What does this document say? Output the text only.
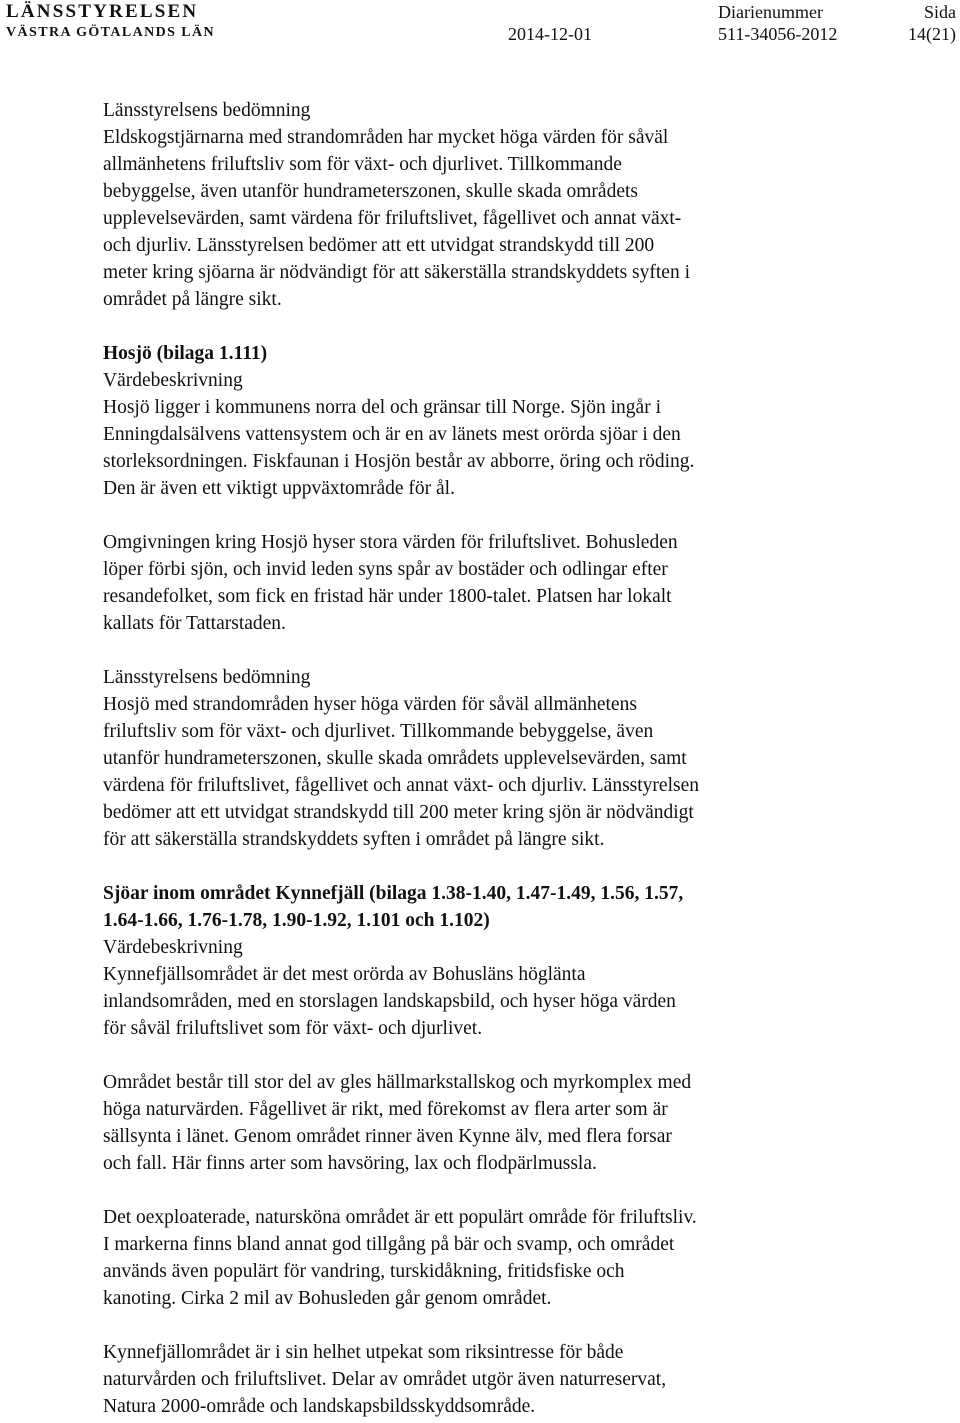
LÄNSSTYRELSEN
VÄSTRA GÖTALANDS LÄN	2014-12-01
Diarienummer
511-34056-2012
Sida
14(21)

Länsstyrelsens bedömning

Eldskogstjärnarna med strandområden har mycket höga värden för såväl
allmänhetens friluftsliv som för växt- och djurlivet. Tillkommande
bebyggelse, även utanför hundrameterszonen, skulle skada områdets
upplevelsevärden, samt värdena för friluftslivet, fågellivet och annat växt-
och djurliv. Länsstyrelsen bedömer att ett utvidgat strandskydd till 200
meter kring sjöarna är nödvändigt för att säkerställa strandskyddets syften i
området på längre sikt.

Hosjö (bilaga 1.111)

Värdebeskrivning

Hosjö ligger i kommunens norra del och gränsar till Norge. Sjön ingår i
Enningdalsälvens vattensystem och är en av länets mest orörda sjöar i den
storleksordningen. Fiskfaunan i Hosjön består av abborre, öring och röding.
Den är även ett viktigt uppväxtområde för ål.

Omgivningen kring Hosjö hyser stora värden för friluftslivet. Bohusleden
löper förbi sjön, och invid leden syns spår av bostäder och odlingar efter
resandefolket, som fick en fristad här under 1800-talet. Platsen har lokalt
kallats för Tattarstaden.

Länsstyrelsens bedömning

Hosjö med strandområden hyser höga värden för såväl allmänhetens
friluftsliv som för växt- och djurlivet. Tillkommande bebyggelse, även
utanför hundrameterszonen, skulle skada områdets upplevelsevärden, samt
värdena för friluftslivet, fågellivet och annat växt- och djurliv. Länsstyrelsen
bedömer att ett utvidgat strandskydd till 200 meter kring sjön är nödvändigt
för att säkerställa strandskyddets syften i området på längre sikt.

Sjöar inom området Kynnefjäll (bilaga 1.38-1.40, 1.47-1.49, 1.56, 1.57,
1.64-1.66, 1.76-1.78, 1.90-1.92, 1.101 och 1.102)

Värdebeskrivning

Kynnefjällsområdet är det mest orörda av Bohusläns högläntа
inlandsområden, med en storslagen landskapsbild, och hyser höga värden
för såväl friluftslivet som för växt- och djurlivet.

Området består till stor del av gles hällmarkstallskog och myrkomplex med
höga naturvärden. Fågellivet är rikt, med förekomst av flera arter som är
sällsynta i länet. Genom området rinner även Kynne älv, med flera forsar
och fall. Här finns arter som havsöring, lax och flodpärlmussla.

Det oexploaterade, natursköna området är ett populärt område för friluftsliv.
I markerna finns bland annat god tillgång på bär och svamp, och området
används även populärt för vandring, turskidåkning, fritidsfiske och
kanoting. Cirka 2 mil av Bohusleden går genom området.

Kynnefjällområdet är i sin helhet utpekat som riksintresse för både
naturvården och friluftslivet. Delar av området utgör även naturreservat,
Natura 2000-område och landskapsbildsskyddsområde.
